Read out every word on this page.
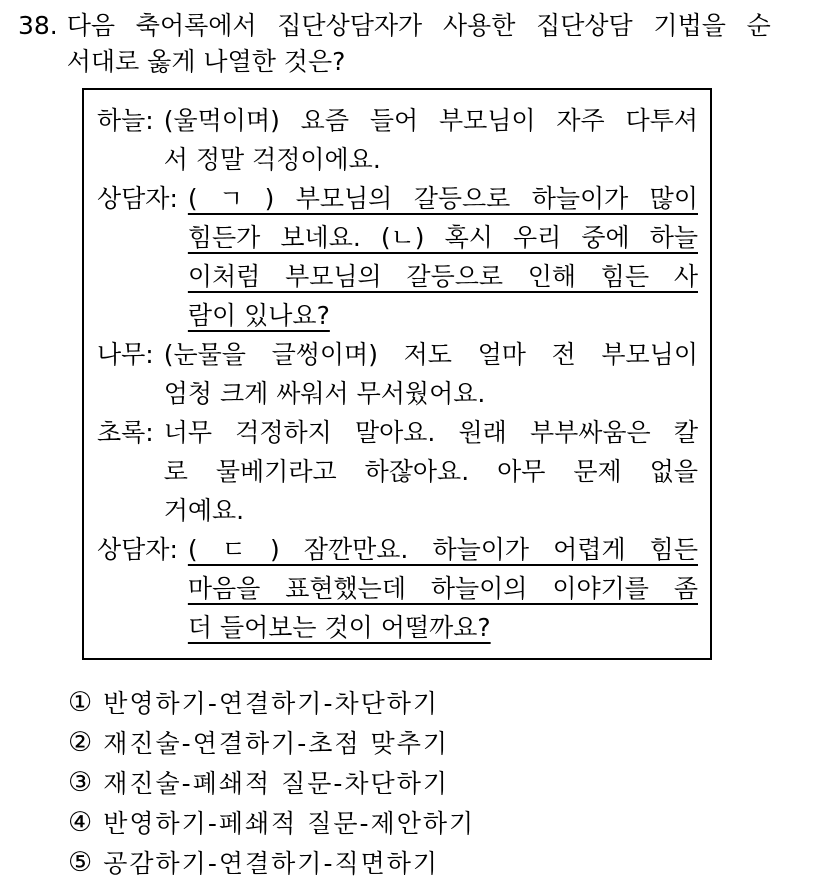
38. 다음 축어록에서 집단상담자가 사용한 집단상담 기법을 순
서대로 옳게 나열한 것은?
하늘: (울먹이며) 요즘 들어 부모님이 자주 다투셔
서 정말 걱정이에요.
상담자: ( ㄱ ) 부모님의 갈등으로 하늘이가 많이
힘든가 보네요. (ㄴ) 혹시 우리 중에 하늘
이처럼 부모님의 갈등으로 인해 힘든 사
람이 있나요?
나무: (눈물을 글썽이며) 저도 얼마 전 부모님이
엄청 크게 싸워서 무서웠어요.
초록: 너무 걱정하지 말아요. 원래 부부싸움은 칼
로 물베기라고 하잖아요. 아무 문제 없을
거예요.
상담자: ( ㄷ ) 잠깐만요. 하늘이가 어렵게 힘든
마음을 표현했는데 하늘이의 이야기를 좀
더 들어보는 것이 어떨까요?
① 반영하기-연결하기-차단하기
② 재진술-연결하기-초점 맞추기
③ 재진술-폐쇄적 질문-차단하기
④ 반영하기-페쇄적 질문-제안하기
⑤ 공감하기-연결하기-직면하기
